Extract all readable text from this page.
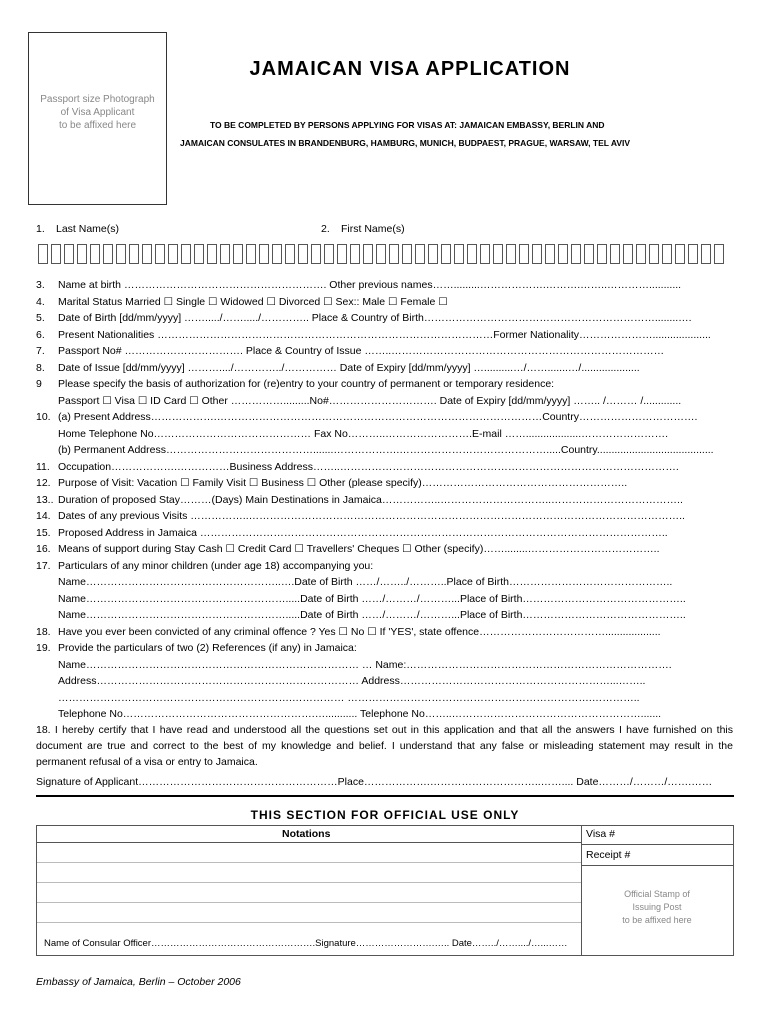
Passport size Photograph
of Visa Applicant
to be affixed here
JAMAICAN VISA APPLICATION
TO BE COMPLETED BY PERSONS APPLYING FOR VISAS AT: JAMAICAN EMBASSY, BERLIN AND
JAMAICAN CONSULATES IN BRANDENBURG, HAMBURG, MUNICH, BUDPAEST, PRAGUE, WARSAW, TEL AVIV
1. Last Name(s)	2. First Name(s)
3. Name at birth …………………………………………………. Other previous names…….........……………….……….……..…………...........
4. Marital Status Married ☐ Single ☐ Widowed ☐ Divorced ☐ Sex:: Male ☐ Female ☐
5. Date of Birth [dd/mm/yyyy] ……...../……...../………….. Place & Country of Birth…………………………………………………………........….
6. Present Nationalities ……………………………………………………………………………………Former Nationality…………………....................
7. Passport No# ……………………………. Place & Country of Issue ……..……………………………………………………………………
8. Date of Issue [dd/mm/yyyy] ………..../…………../…………… Date of Expiry [dd/mm/yyyy] …..........…/…….......…/....................
9 Please specify the basis of authorization for (re)entry to your country of permanent or temporary residence:
Passport ☐ Visa ☐ ID Card ☐ Other …………….........No#…………………………. Date of Expiry [dd/mm/yyyy] …….. /……… /.............
10. (a) Present Address……………….…………………………………………………………………………………Country…………………………….
Home Telephone No……………………………………… Fax No………..…………………….E-mail ……...................…………………….
(b) Permanent Address…………………………………….......……………….…………………………………….....Country........................................
11. Occupation……………….……………Business Address……..…………………………………………………………………………………….
12. Purpose of Visit: Vacation ☐ Family Visit ☐ Business ☐ Other (please specify)…………………………………………………..
13.. Duration of proposed Stay………(Days) Main Destinations in Jamaica……………..…………………………..………………………………..
14. Dates of any previous Visits ……………..……………………………………………………………………………………………………………..
15. Proposed Address in Jamaica ……………………………………………………………………………………………………………………..
16. Means of support during Stay Cash ☐ Credit Card ☐ Travellers' Cheques ☐ Other (specify)……........………………………………..
17. Particulars of any minor children (under age 18) accompanying you:
Name………………………………………………..….Date of Birth ……/……../………..Place of Birth………………………………………..
Name………………………………………………….....Date of Birth ……/………/………...Place of Birth………………………………………..
Name………………………………………………….....Date of Birth ……/………/………...Place of Birth………………………………………..
18. Have you ever been convicted of any criminal offence ? Yes ☐ No ☐ If 'YES', state offence………………………………...................
19. Provide the particulars of two (2) References (if any) in Jamaica:
Name…………………………………………………………………… … Name:………………………………………………………………….
Address………………………………………………………………… Address……………………………………………………...……..
………………………………………………………….…………… …………………………………………………………….…………..
Telephone No……………………………………………….…........... Telephone No……..……………………………………………….......
18. I hereby certify that I have read and understood all the questions set out in this application and that all the answers I have furnished on this document are true and correct to the best of my knowledge and belief. I understand that any false or misleading statement may result in the permanent refusal of a visa or entry to Jamaica.
Signature of Applicant…………………………………………………Place……………….…………………………..…….... Date………/………/…….……
THIS SECTION FOR OFFICIAL USE ONLY
Notations	Visa #
Receipt #
Official Stamp of
Issuing Post
to be affixed here
Name of Consular Officer…………………………………………….Signature…………………….….. Date……../……..../…...……
Embassy of Jamaica, Berlin – October 2006
